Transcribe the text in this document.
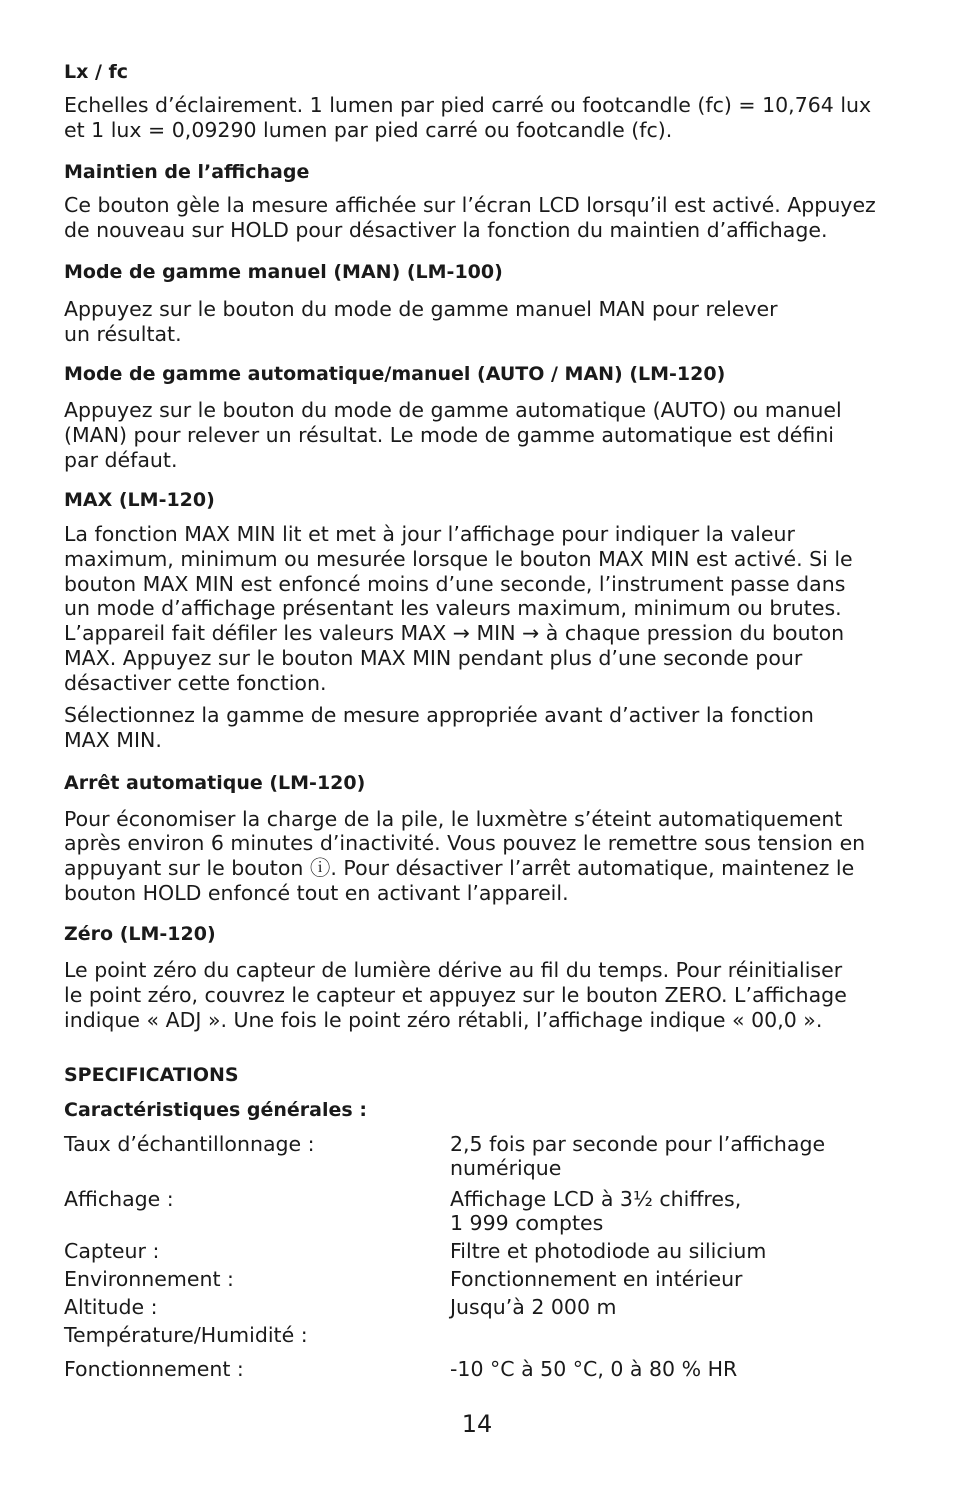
Lx / fc

Echelles d’éclairement. 1 lumen par pied carré ou footcandle (fc) = 10,764 lux
et 1 lux = 0,09290 lumen par pied carré ou footcandle (fc).

Maintien de l’affichage

Ce bouton gèle la mesure affichée sur l’écran LCD lorsqu’il est activé. Appuyez
de nouveau sur HOLD pour désactiver la fonction du maintien d’affichage.

Mode de gamme manuel (MAN) (LM-100)

Appuyez sur le bouton du mode de gamme manuel MAN pour relever
un résultat.

Mode de gamme automatique/manuel (AUTO / MAN) (LM-120)

Appuyez sur le bouton du mode de gamme automatique (AUTO) ou manuel
(MAN) pour relever un résultat. Le mode de gamme automatique est défini
par défaut.

MAX (LM-120)

La fonction MAX MIN lit et met à jour l’affichage pour indiquer la valeur
maximum, minimum ou mesurée lorsque le bouton MAX MIN est activé. Si le
bouton MAX MIN est enfoncé moins d’une seconde, l’instrument passe dans
un mode d’affichage présentant les valeurs maximum, minimum ou brutes.
L’appareil fait défiler les valeurs MAX → MIN → à chaque pression du bouton
MAX. Appuyez sur le bouton MAX MIN pendant plus d’une seconde pour
désactiver cette fonction.

Sélectionnez la gamme de mesure appropriée avant d’activer la fonction
MAX MIN.

Arrêt automatique (LM-120)

Pour économiser la charge de la pile, le luxmètre s’éteint automatiquement
après environ 6 minutes d’inactivité. Vous pouvez le remettre sous tension en
appuyant sur le bouton ⓘ. Pour désactiver l’arrêt automatique, maintenez le
bouton HOLD enfoncé tout en activant l’appareil.

Zéro (LM-120)

Le point zéro du capteur de lumière dérive au fil du temps. Pour réinitialiser
le point zéro, couvrez le capteur et appuyez sur le bouton ZERO. L’affichage
indique « ADJ ». Une fois le point zéro rétabli, l’affichage indique « 00,0 ».

SPECIFICATIONS
Caractéristiques générales :
Taux d’échantillonnage :	2,5 fois par seconde pour l’affichage
numérique
Affichage :	Affichage LCD à 3½ chiffres,
1 999 comptes
Capteur :	Filtre et photodiode au silicium
Environnement :	Fonctionnement en intérieur
Altitude :	Jusqu’à 2 000 m
Température/Humidité :
Fonctionnement :	-10 °C à 50 °C, 0 à 80 % HR
14
